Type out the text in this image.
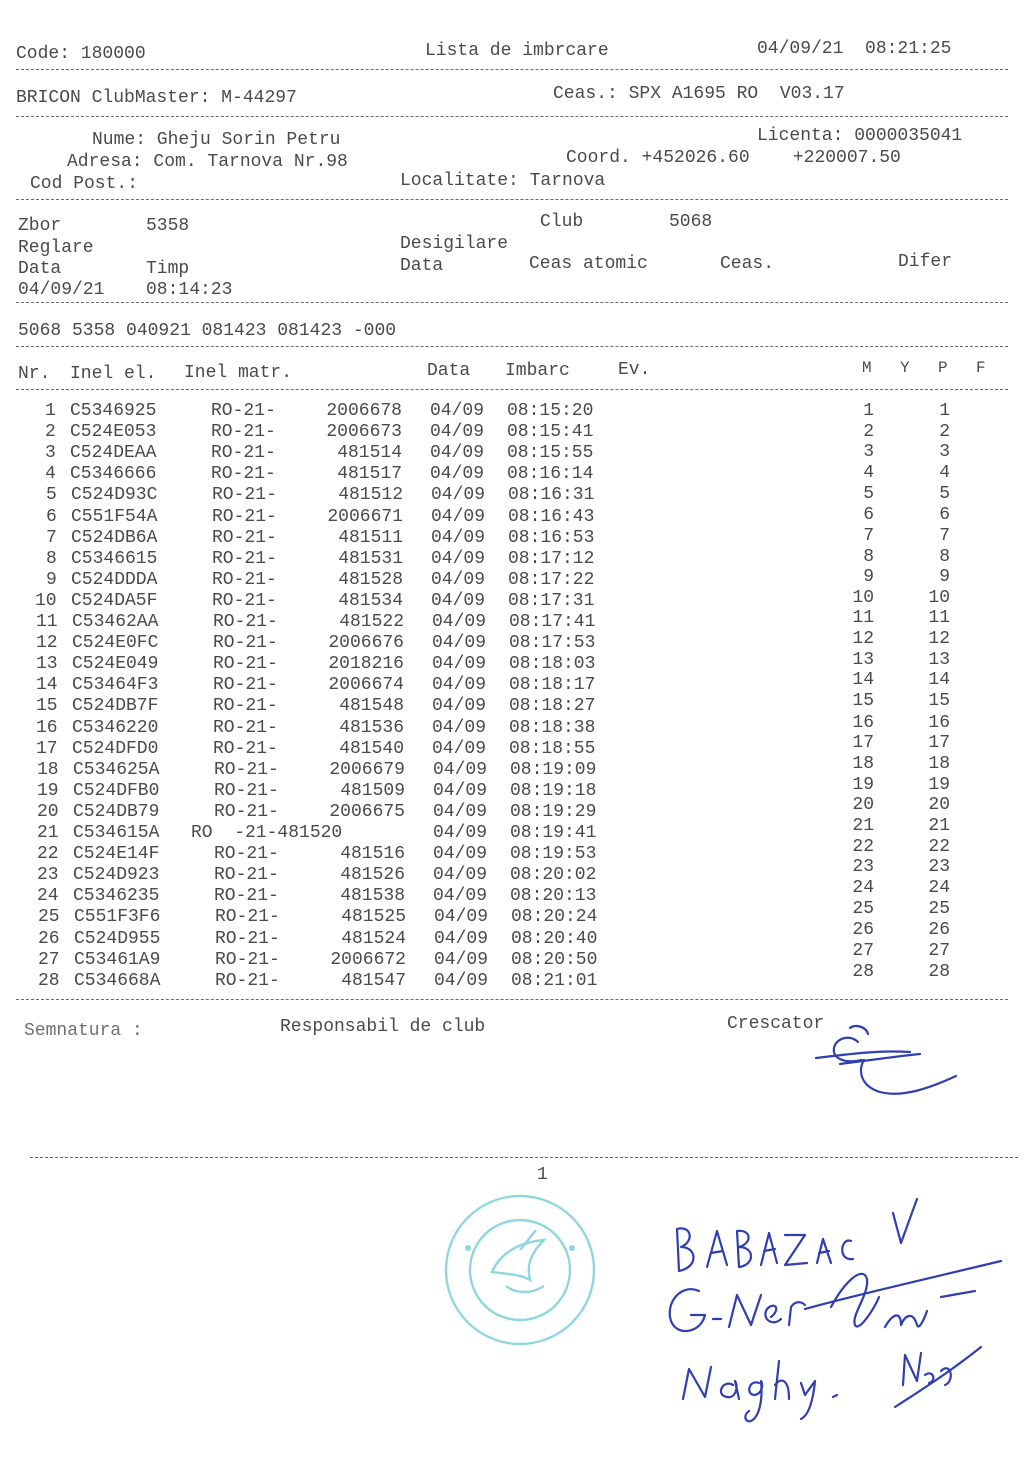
Code: 180000	Lista de imbrcare	04/09/21  08:21:25
BRICON ClubMaster: M-44297	Ceas.: SPX A1695 RO  V03.17
Nume: Gheju Sorin Petru	Licenta: 0000035041
Adresa: Com. Tarnova Nr.98	Coord. +452026.60    +220007.50
Cod Post.:	Localitate: Tarnova
Zbor	5358	Club	5068
Reglare	Desigilare
Data	Timp	Data	Ceas atomic	Ceas.	Difer
04/09/21 08:14:23
5068 5358 040921 081423 081423 -000
Nr. Inel el. Inel matr.	Data Imbarc	Ev.	M Y P F
1 C5346925	RO-21-	2006678 04/09 08:15:20	1	1
2 C524E053	RO-21-	2006673 04/09 08:15:41	2	2
3 C524DEAA	RO-21-	481514 04/09 08:15:55	3	3
4 C5346666	RO-21-	481517 04/09 08:16:14	4	4
5 C524D93C	RO-21-	481512 04/09 08:16:31	5	5
6 C551F54A	RO-21-	2006671 04/09 08:16:43	6	6
7 C524DB6A	RO-21-	481511 04/09 08:16:53	7	7
8 C5346615	RO-21-	481531 04/09 08:17:12	8	8
9 C524DDDA	RO-21-	481528 04/09 08:17:22	9	9
10 C524DA5F	RO-21-	481534 04/09 08:17:31	10	10
11 C53462AA	RO-21-	481522 04/09 08:17:41	11	11
12 C524E0FC	RO-21-	2006676 04/09 08:17:53	12	12
13 C524E049	RO-21-	2018216 04/09 08:18:03	13	13
14 C53464F3	RO-21-	2006674 04/09 08:18:17	14	14
15 C524DB7F	RO-21-	481548 04/09 08:18:27	15	15
16 C5346220	RO-21-	481536 04/09 08:18:38	16	16
17 C524DFD0	RO-21-	481540 04/09 08:18:55	17	17
18 C534625A	RO-21-	2006679 04/09 08:19:09	18	18
19 C524DFB0	RO-21-	481509 04/09 08:19:18	19	19
20 C524DB79	RO-21-	2006675 04/09 08:19:29	20	20
21 C534615A RO  -21-481520	04/09 08:19:41	21	21
22 C524E14F	RO-21-	481516 04/09 08:19:53	22	22
23 C524D923	RO-21-	481526 04/09 08:20:02	23	23
24 C5346235	RO-21-	481538 04/09 08:20:13	24	24
25 C551F3F6	RO-21-	481525 04/09 08:20:24	25	25
26 C524D955	RO-21-	481524 04/09 08:20:40	26	26
27 C53461A9	RO-21-	2006672 04/09 08:20:50	27	27
28 C534668A	RO-21-	481547 04/09 08:21:01	28	28
Semnatura :	Responsabil de club	Crescator
1
